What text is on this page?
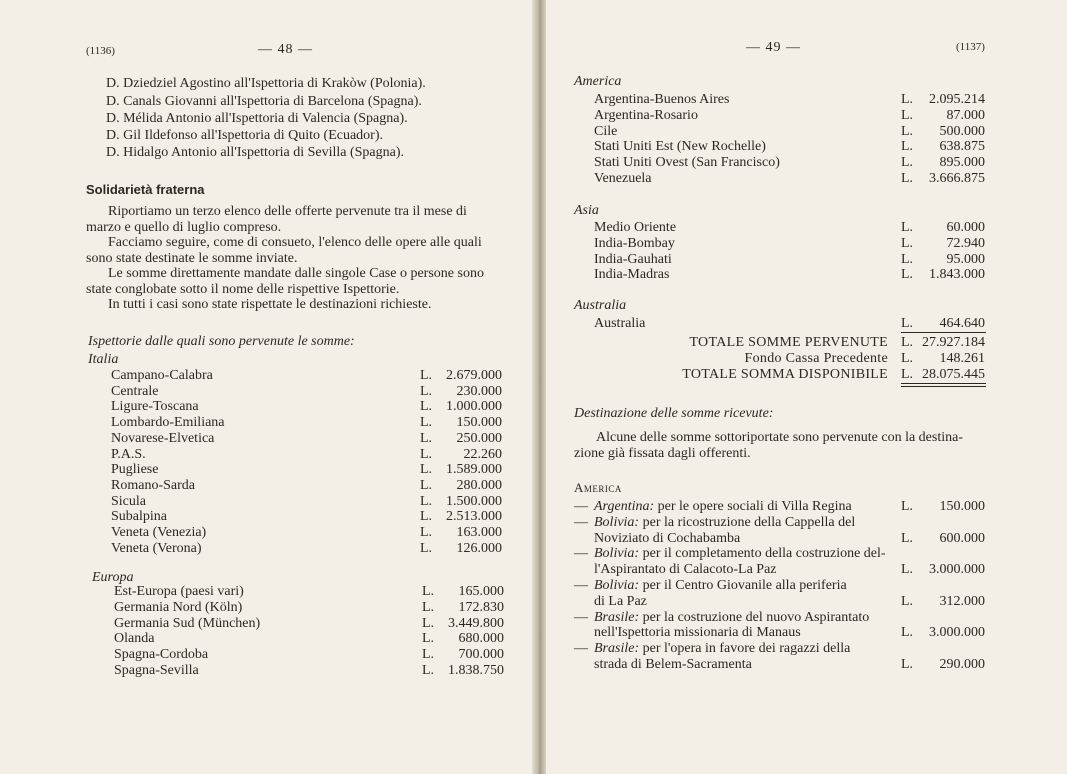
(1136)	— 48 —
D. Dziedziel Agostino all'Ispettoria di Krakòw (Polonia).
D. Canals Giovanni all'Ispettoria di Barcelona (Spagna).
D. Mélida Antonio all'Ispettoria di Valencia (Spagna).
D. Gil Ildefonso all'Ispettoria di Quito (Ecuador).
D. Hidalgo Antonio all'Ispettoria di Sevilla (Spagna).
Solidarietà fraterna
Riportiamo un terzo elenco delle offerte pervenute tra il mese di
marzo e quello di luglio compreso.
Facciamo seguire, come di consueto, l'elenco delle opere alle quali
sono state destinate le somme inviate.
Le somme direttamente mandate dalle singole Case o persone sono
state conglobate sotto il nome delle rispettive Ispettorie.
In tutti i casi sono state rispettate le destinazioni richieste.
Ispettorie dalle quali sono pervenute le somme:
Italia
Campano-Calabra	L. 2.679.000
Centrale	L.	230.000
Ligure-Toscana	L. 1.000.000
Lombardo-Emiliana	L.	150.000
Novarese-Elvetica	L.	250.000
P.A.S.	L.	22.260
Pugliese	L. 1.589.000
Romano-Sarda	L.	280.000
Sicula	L. 1.500.000
Subalpina	L. 2.513.000
Veneta (Venezia)	L.	163.000
Veneta (Verona)	L.	126.000
Europa
Est-Europa (paesi vari)	L.	165.000
Germania Nord (Köln)	L.	172.830
Germania Sud (München)	L. 3.449.800
Olanda	L.	680.000
Spagna-Cordoba	L.	700.000
Spagna-Sevilla	L. 1.838.750
— 49 —	(1137)
America
Argentina-Buenos Aires	L.	2.095.214
Argentina-Rosario	L.	87.000
Cile	L.	500.000
Stati Uniti Est (New Rochelle)	L.	638.875
Stati Uniti Ovest (San Francisco)	L.	895.000
Venezuela	L.	3.666.875
Asia
Medio Oriente	L.	60.000
India-Bombay	L.	72.940
India-Gauhati	L.	95.000
India-Madras	L.	1.843.000
Australia
Australia	L.	464.640
TOTALE SOMME PERVENUTE L. 27.927.184
Fondo Cassa Precedente L.	148.261
TOTALE SOMMA DISPONIBILE L. 28.075.445
Destinazione delle somme ricevute:
Alcune delle somme sottoriportate sono pervenute con la destina-
zione già fissata dagli offerenti.
America
— Argentina: per le opere sociali di Villa Regina	L.	150.000
— Bolivia: per la ricostruzione della Cappella del
Noviziato di Cochabamba	L.	600.000
— Bolivia: per il completamento della costruzione del-
l'Aspirantato di Calacoto-La Paz	L.	3.000.000
— Bolivia: per il Centro Giovanile alla periferia
di La Paz	L.	312.000
— Brasile: per la costruzione del nuovo Aspirantato
nell'Ispettoria missionaria di Manaus	L.	3.000.000
— Brasile: per l'opera in favore dei ragazzi della
strada di Belem-Sacramenta	L.	290.000
